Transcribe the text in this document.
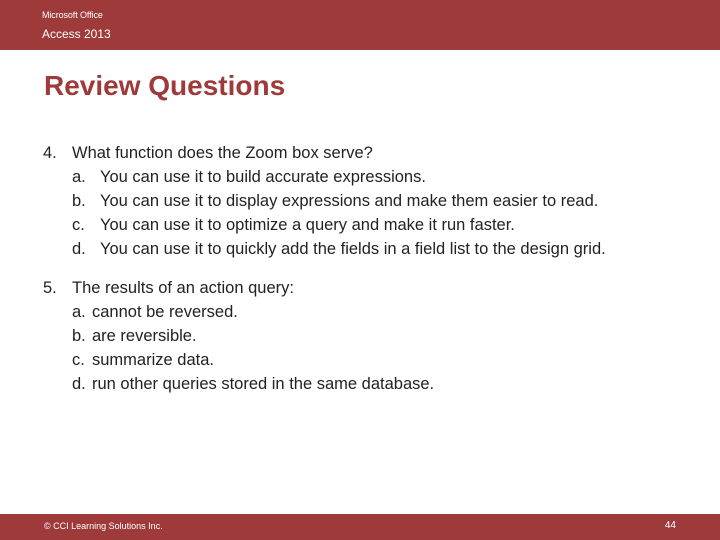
Microsoft Office
Access 2013
Review Questions
4. What function does the Zoom box serve?
a. You can use it to build accurate expressions.
b. You can use it to display expressions and make them easier to read.
c. You can use it to optimize a query and make it run faster.
d. You can use it to quickly add the fields in a field list to the design grid.
5. The results of an action query:
a. cannot be reversed.
b. are reversible.
c. summarize data.
d. run other queries stored in the same database.
© CCI Learning Solutions Inc.	44
